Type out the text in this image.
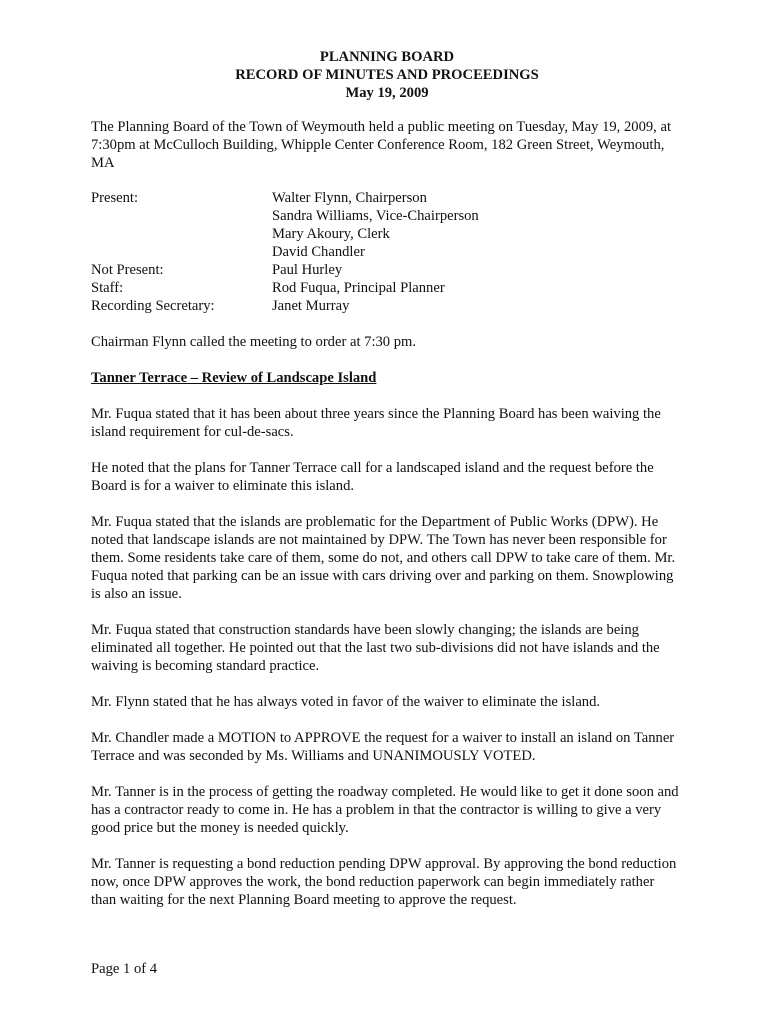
PLANNING BOARD
RECORD OF MINUTES AND PROCEEDINGS
May 19, 2009

The Planning Board of the Town of Weymouth held a public meeting on Tuesday, May 19, 2009, at 7:30pm at McCulloch Building, Whipple Center Conference Room, 182 Green Street, Weymouth, MA

Present:	Walter Flynn, Chairperson
Sandra Williams, Vice-Chairperson
Mary Akoury, Clerk
David Chandler
Not Present:	Paul Hurley
Staff:	Rod Fuqua, Principal Planner
Recording Secretary:	Janet Murray

Chairman Flynn called the meeting to order at 7:30 pm.

Tanner Terrace – Review of Landscape Island

Mr. Fuqua stated that it has been about three years since the Planning Board has been waiving the island requirement for cul-de-sacs.

He noted that the plans for Tanner Terrace call for a landscaped island and the request before the Board is for a waiver to eliminate this island.

Mr. Fuqua stated that the islands are problematic for the Department of Public Works (DPW). He noted that landscape islands are not maintained by DPW. The Town has never been responsible for them. Some residents take care of them, some do not, and others call DPW to take care of them. Mr. Fuqua noted that parking can be an issue with cars driving over and parking on them. Snowplowing is also an issue.

Mr. Fuqua stated that construction standards have been slowly changing; the islands are being eliminated all together. He pointed out that the last two sub-divisions did not have islands and the waiving is becoming standard practice.

Mr. Flynn stated that he has always voted in favor of the waiver to eliminate the island.

Mr. Chandler made a MOTION to APPROVE the request for a waiver to install an island on Tanner Terrace and was seconded by Ms. Williams and UNANIMOUSLY VOTED.

Mr. Tanner is in the process of getting the roadway completed. He would like to get it done soon and has a contractor ready to come in. He has a problem in that the contractor is willing to give a very good price but the money is needed quickly.

Mr. Tanner is requesting a bond reduction pending DPW approval. By approving the bond reduction now, once DPW approves the work, the bond reduction paperwork can begin immediately rather than waiting for the next Planning Board meeting to approve the request.

Page 1 of 4
